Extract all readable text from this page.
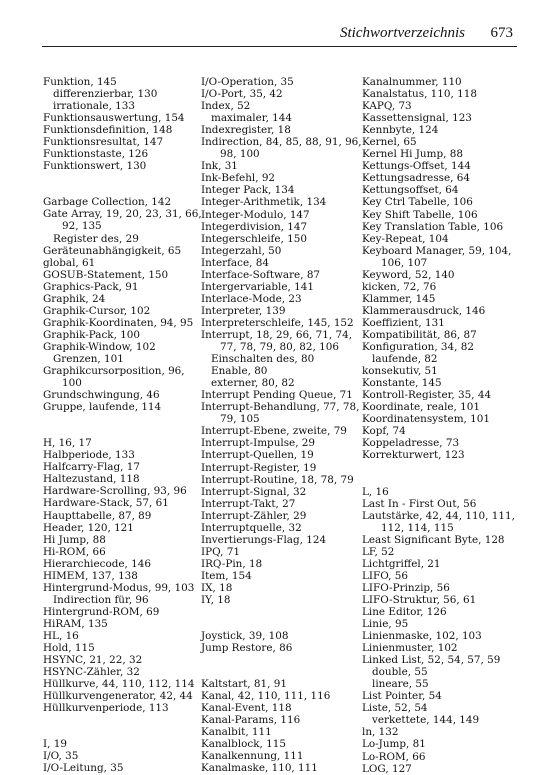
Stichwortverzeichnis 673
Funktion, 145
differenzierbar, 130
irrationale, 133
Funktionsauswertung, 154
Funktionsdefinition, 148
Funktionsresultat, 147
Funktionstaste, 126
Funktionswert, 130
Garbage Collection, 142
Gate Array, 19, 20, 23, 31, 66,
92, 135
Register des, 29
Geräteunabhängigkeit, 65
global, 61
GOSUB-Statement, 150
Graphics-Pack, 91
Graphik, 24
Graphik-Cursor, 102
Graphik-Koordinaten, 94, 95
Graphik-Pack, 100
Graphik-Window, 102
Grenzen, 101
Graphikcursorposition, 96,
100
Grundschwingung, 46
Gruppe, laufende, 114
H, 16, 17
Halbperiode, 133
Halfcarry-Flag, 17
Haltezustand, 118
Hardware-Scrolling, 93, 96
Hardware-Stack, 57, 61
Haupttabelle, 87, 89
Header, 120, 121
Hi Jump, 88
Hi-ROM, 66
Hierarchiecode, 146
HIMEM, 137, 138
Hintergrund-Modus, 99, 103
Indirection für, 96
Hintergrund-ROM, 69
HiRAM, 135
HL, 16
Hold, 115
HSYNC, 21, 22, 32
HSYNC-Zähler, 32
Hüllkurve, 44, 110, 112, 114
Hüllkurvengenerator, 42, 44
Hüllkurvenperiode, 113
I, 19
I/O, 35
I/O-Leitung, 35
I/O-Operation, 35
I/O-Port, 35, 42
Index, 52
maximaler, 144
Indexregister, 18
Indirection, 84, 85, 88, 91, 96,
98, 100
Ink, 31
Ink-Befehl, 92
Integer Pack, 134
Integer-Arithmetik, 134
Integer-Modulo, 147
Integerdivision, 147
Integerschleife, 150
Integerzahl, 50
Interface, 84
Interface-Software, 87
Intergervariable, 141
Interlace-Mode, 23
Interpreter, 139
Interpreterschleife, 145, 152
Interrupt, 18, 29, 66, 71, 74,
77, 78, 79, 80, 82, 106
Einschalten des, 80
Enable, 80
externer, 80, 82
Interrupt Pending Queue, 71
Interrupt-Behandlung, 77, 78,
79, 105
Interrupt-Ebene, zweite, 79
Interrupt-Impulse, 29
Interrupt-Quellen, 19
Interrupt-Register, 19
Interrupt-Routine, 18, 78, 79
Interrupt-Signal, 32
Interrupt-Takt, 27
Interrupt-Zähler, 29
Interruptquelle, 32
Invertierungs-Flag, 124
IPQ, 71
IRQ-Pin, 18
Item, 154
IX, 18
IY, 18
Joystick, 39, 108
Jump Restore, 86
Kaltstart, 81, 91
Kanal, 42, 110, 111, 116
Kanal-Event, 118
Kanal-Params, 116
Kanalbit, 111
Kanalblock, 115
Kanalkennung, 111
Kanalmaske, 110, 111
Kanalnummer, 110
Kanalstatus, 110, 118
KAPQ, 73
Kassettensignal, 123
Kennbyte, 124
Kernel, 65
Kernel Hi Jump, 88
Kettungs-Offset, 144
Kettungsadresse, 64
Kettungsoffset, 64
Key Ctrl Tabelle, 106
Key Shift Tabelle, 106
Key Translation Table, 106
Key-Repeat, 104
Keyboard Manager, 59, 104,
106, 107
Keyword, 52, 140
kicken, 72, 76
Klammer, 145
Klammerausdruck, 146
Koeffizient, 131
Kompatibilität, 86, 87
Konfiguration, 34, 82
laufende, 82
konsekutiv, 51
Konstante, 145
Kontroll-Register, 35, 44
Koordinate, reale, 101
Koordinatensystem, 101
Kopf, 74
Koppeladresse, 73
Korrekturwert, 123
L, 16
Last In - First Out, 56
Lautstärke, 42, 44, 110, 111,
112, 114, 115
Least Significant Byte, 128
LF, 52
Lichtgriffel, 21
LIFO, 56
LIFO-Prinzip, 56
LIFO-Struktur, 56, 61
Line Editor, 126
Linie, 95
Linienmaske, 102, 103
Linienmuster, 102
Linked List, 52, 54, 57, 59
double, 55
lineare, 55
List Pointer, 54
Liste, 52, 54
verkettete, 144, 149
ln, 132
Lo-Jump, 81
Lo-ROM, 66
LOG, 127
